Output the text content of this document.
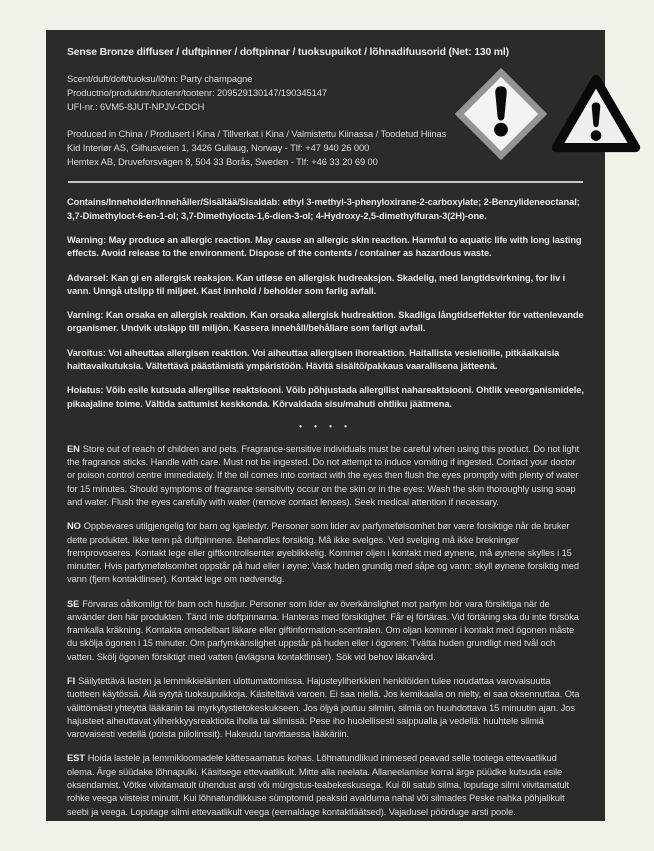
Sense Bronze diffuser / duftpinner / doftpinnar / tuoksupuikot / lõhnadifuusorid (Net: 130 ml)

Scent/duft/doft/tuoksu/lõhn: Party champagne

Productno/produktnr/tuotenr/tootenr: 209529130147/190345147

UFI-nr.: 6VM5-8JUT-NPJV-CDCH

Produced in China / Produsert i Kina / Tillverkat i Kina / Valmistettu Kiinassa / Toodetud Hiinas

Kid Interiør AS, Gilhusveien 1, 3426 Gullaug, Norway - Tlf: +47 940 26 000

Hemtex AB, Druveforsvägen 8, 504 33 Borås, Sweden - Tlf: +46 33 20 69 00

Contains/Inneholder/Innehåller/Sisältää/Sisaldab: ethyl 3-methyl-3-phenyloxirane-2-carboxylate; 2-Benzylideneoctanal; 3,7-Dimethyloct-6-en-1-ol; 3,7-Dimethylocta-1,6-dien-3-ol; 4-Hydroxy-2,5-dimethylfuran-3(2H)-one.

Warning: May produce an allergic reaction. May cause an allergic skin reaction. Harmful to aquatic life with long lasting effects. Avoid release to the environment. Dispose of the contents / container as hazardous waste.

Advarsel: Kan gi en allergisk reaksjon. Kan utløse en allergisk hudreaksjon. Skadelig, med langtidsvirkning, for liv i vann. Unngå utslipp til miljøet. Kast innhold / beholder som farlig avfall.

Varning: Kan orsaka en allergisk reaktion. Kan orsaka allergisk hudreaktion. Skadliga långtidseffekter för vattenlevande organismer. Undvik utsläpp till miljön. Kassera innehåll/behållare som farligt avfall.

Varoitus: Voi aiheuttaa allergisen reaktion. Voi aiheuttaa allergisen ihoreaktion. Haitallista vesieliöille, pitkäaikaisia haittavaikutuksia. Vältettävä päästämistä ympäristöön. Hävitä sisältö/pakkaus vaarallisena jätteenä.

Hoiatus: Võib esile kutsuda allergilise reaktsiooni. Võib põhjustada allergilist nahareaktsiooni. Ohtlik veeorganismidele, pikaajaline toime. Vältida sattumist keskkonda. Kõrvaldada sisu/mahuti ohtliku jäätmena.

• • • •

EN Store out of reach of children and pets. Fragrance-sensitive individuals must be careful when using this product. Do not light the fragrance sticks. Handle with care. Must not be ingested. Do not attempt to induce vomiting if ingested. Contact your doctor or poison control centre immediately. If the oil comes into contact with the eyes then flush the eyes promptly with plenty of water for 15 minutes. Should symptoms of fragrance sensitivity occur on the skin or in the eyes: Wash the skin thoroughly using soap and water. Flush the eyes carefully with water (remove contact lenses). Seek medical attention if necessary.

NO Oppbevares utilgjengelig for barn og kjæledyr. Personer som lider av parfymefølsomhet bør være forsiktige når de bruker dette produktet. Ikke tenn på duftpinnene. Behandles forsiktig. Må ikke svelges. Ved svelging må ikke brekninger fremprovoseres. Kontakt lege eller giftkontrollsenter øyeblikkelig. Kommer oljen i kontakt med øynene, må øynene skylles i 15 minutter. Hvis parfymefølsomhet oppstår på hud eller i øyne: Vask huden grundig med såpe og vann: skyll øynene forsiktig med vann (fjern kontaktlinser). Kontakt lege om nødvendig.

SE Förvaras oåtkomligt för barn och husdjur. Personer som lider av överkänslighet mot parfym bör vara försiktiga när de använder den här produkten. Tänd inte doftpinnarna. Hanteras med försiktighet. Får ej förtäras. Vid förtäring ska du inte försöka framkalla kräkning. Kontakta omedelbart läkare eller giftinformation-scentralen. Om oljan kommer i kontakt med ögonen måste du skölja ögonen i 15 minuter. Om parfymkänslighet uppstår på huden eller i ögonen: Tvätta huden grundligt med tvål och vatten. Skölj ögonen försiktigt med vatten (avlägsna kontaktlinser). Sök vid behov läkarvård.

FI Säilytettävä lasten ja lemmikkieläinten ulottumattomissa. Hajusteyliherkkien henkilöiden tulee noudattaa varovaisuutta tuotteen käytössä. Älä sytytä tuoksupuikkoja. Käsiteltävä varoen. Ei saa niellä. Jos kemikaalia on nielty, ei saa oksennuttaa. Ota välittömästi yhteyttä lääkäriin tai myrkytystietokeskukseen. Jos öljyä joutuu silmiin, silmiä on huuhdottava 15 minuutin ajan. Jos hajusteet aiheuttavat yliherkkyysreaktioita iholla tai silmissä: Pese iho huolellisesti saippualla ja vedellä: huuhtele silmiä varovaisesti vedellä (poista piilolinssit). Hakeudu tarvittaessa lääkäriin.

EST Hoida lastele ja lemmikloomadele kättesaamatus kohas. Lõhnatundlikud inimesed peavad selle tootega ettevaatlikud olema. Ärge süüdake lõhnapulki. Käsitsege ettevaatlikult. Mitte alla neelata. Allaneelamise korral ärge püüdke kutsuda esile oksendamist. Võtke viivitamatult ühendust arsti või mürgistus-teabekeskusega. Kui õli satub silma, loputage silmi viivitamatult rohke veega viisteist minutit. Kui lõhnatundlikkuse sümptomid peaksid avalduma nahal või silmades Peske nahka põhjalikult seebi ja veega. Loputage silmi ettevaatlikult veega (eemaldage kontaktläätsed). Vajadusel pöörduge arsti poole.
